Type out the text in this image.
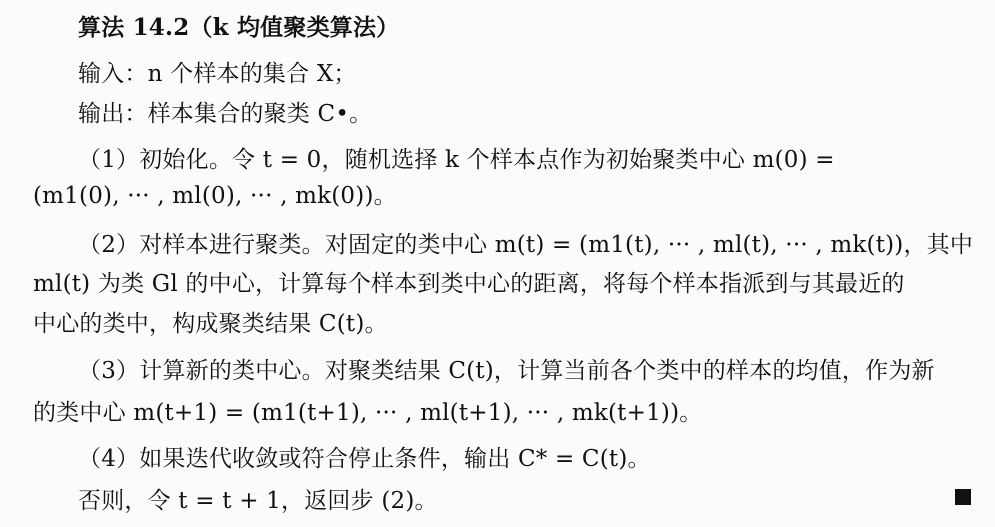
算法 14.2（k 均值聚类算法）
输入：n 个样本的集合 X；
输出：样本集合的聚类 C•。
（1）初始化。令 t = 0，随机选择 k 个样本点作为初始聚类中心 m(0) =
(m1(0), ··· , ml(0), ··· , mk(0))。
（2）对样本进行聚类。对固定的类中心 m(t) = (m1(t), ··· , ml(t), ··· , mk(t))，其中
ml(t) 为类 Gl 的中心，计算每个样本到类中心的距离，将每个样本指派到与其最近的
中心的类中，构成聚类结果 C(t)。
（3）计算新的类中心。对聚类结果 C(t)，计算当前各个类中的样本的均值，作为新
的类中心 m(t+1) = (m1(t+1), ··· , ml(t+1), ··· , mk(t+1))。
（4）如果迭代收敛或符合停止条件，输出 C* = C(t)。
否则，令 t = t + 1，返回步 (2)。
